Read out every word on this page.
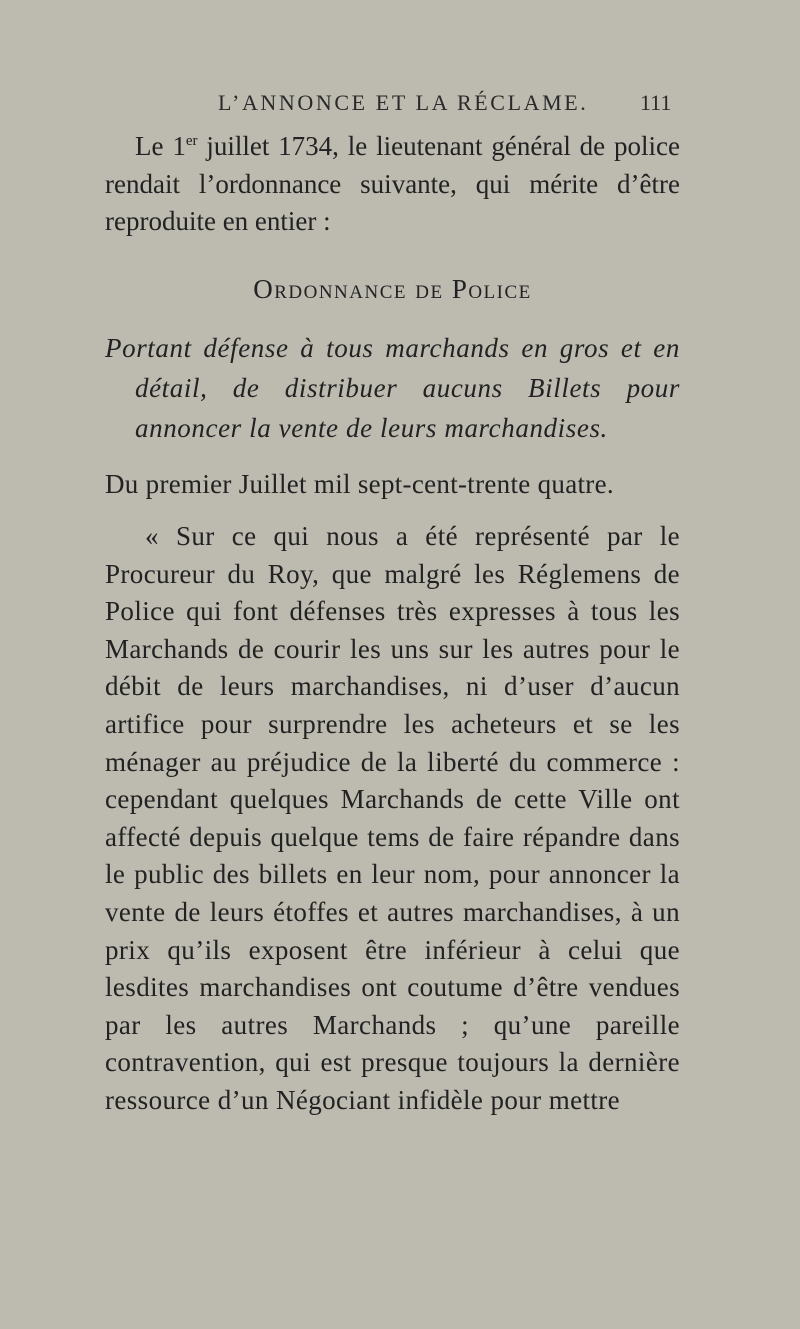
L’ANNONCE ET LA RÉCLAME. 111

Le 1er juillet 1734, le lieutenant général de police rendait l’ordonnance suivante, qui mérite d’être reproduite en entier :

Ordonnance de Police

Portant défense à tous marchands en gros et en détail, de distribuer aucuns Billets pour annoncer la vente de leurs marchandises.

Du premier Juillet mil sept-cent-trente quatre.

« Sur ce qui nous a été représenté par le Procureur du Roy, que malgré les Réglemens de Police qui font défenses très expresses à tous les Marchands de courir les uns sur les autres pour le débit de leurs marchandises, ni d’user d’aucun artifice pour surprendre les acheteurs et se les ménager au préjudice de la liberté du commerce : cependant quelques Marchands de cette Ville ont affecté depuis quelque tems de faire répandre dans le public des billets en leur nom, pour annoncer la vente de leurs étoffes et autres marchandises, à un prix qu’ils exposent être inférieur à celui que lesdites marchandises ont coutume d’être vendues par les autres Marchands ; qu’une pareille contravention, qui est presque toujours la dernière ressource d’un Négociant infidèle pour mettre
